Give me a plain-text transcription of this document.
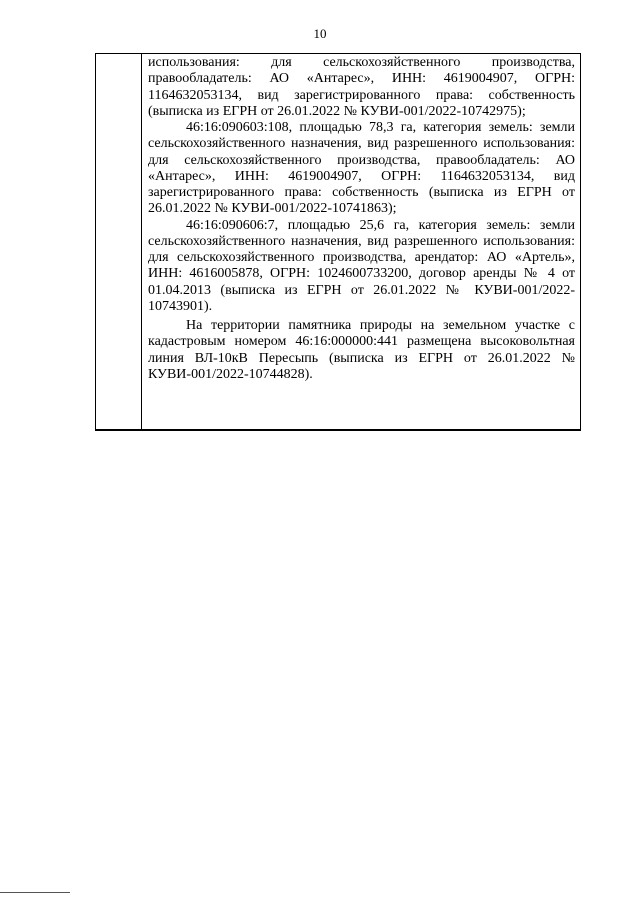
10

использования: для сельскохозяйственного производства, правообладатель: АО «Антарес», ИНН: 4619004907, ОГРН: 1164632053134, вид зарегистрированного права: собственность (выписка из ЕГРН от 26.01.2022 № КУВИ-001/2022-10742975);

46:16:090603:108, площадью 78,3 га, категория земель: земли сельскохозяйственного назначения, вид разрешенного использования: для сельскохозяйственного производства, правообладатель: АО «Антарес», ИНН: 4619004907, ОГРН: 1164632053134, вид зарегистрированного права: собственность (выписка из ЕГРН от 26.01.2022 № КУВИ-001/2022-10741863);

46:16:090606:7, площадью 25,6 га, категория земель: земли сельскохозяйственного назначения, вид разрешенного использования: для сельскохозяйственного производства, арендатор: АО «Артель», ИНН: 4616005878, ОГРН: 1024600733200, договор аренды № 4 от 01.04.2013 (выписка из ЕГРН от 26.01.2022 № КУВИ-001/2022-10743901).

На территории памятника природы на земельном участке с кадастровым номером 46:16:000000:441 размещена высоковольтная линия ВЛ-10кВ Пересыпь (выписка из ЕГРН от 26.01.2022 № КУВИ-001/2022-10744828).
